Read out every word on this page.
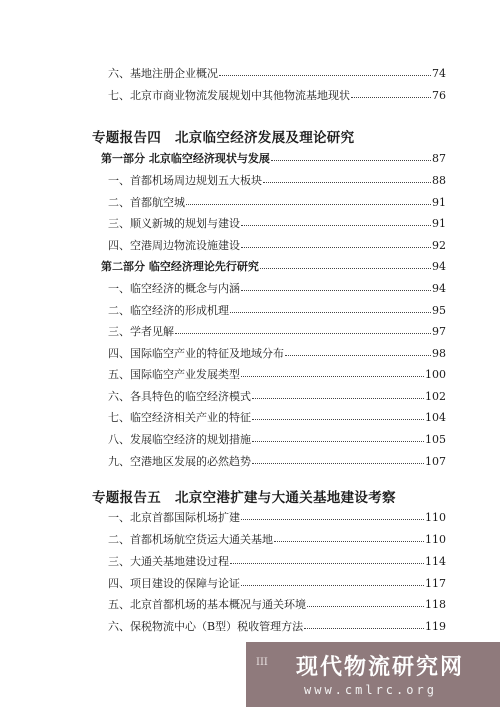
六、基地注册企业概况	74
七、北京市商业物流发展规划中其他物流基地现状	76
专题报告四 北京临空经济发展及理论研究
第一部分 北京临空经济现状与发展	87
一、首都机场周边规划五大板块	88
二、首都航空城	91
三、顺义新城的规划与建设	91
四、空港周边物流设施建设	92
第二部分 临空经济理论先行研究	94
一、临空经济的概念与内涵	94
二、临空经济的形成机理	95
三、学者见解	97
四、国际临空产业的特征及地域分布	98
五、国际临空产业发展类型	100
六、各具特色的临空经济模式	102
七、临空经济相关产业的特征	104
八、发展临空经济的规划措施	105
九、空港地区发展的必然趋势	107
专题报告五 北京空港扩建与大通关基地建设考察
一、北京首都国际机场扩建	110
二、首都机场航空货运大通关基地	110
三、大通关基地建设过程	114
四、项目建设的保障与论证	117
五、北京首都机场的基本概况与通关环境	118
六、保税物流中心（B型）税收管理方法	119
III 现代物流研究网
www.cmlrc.org
